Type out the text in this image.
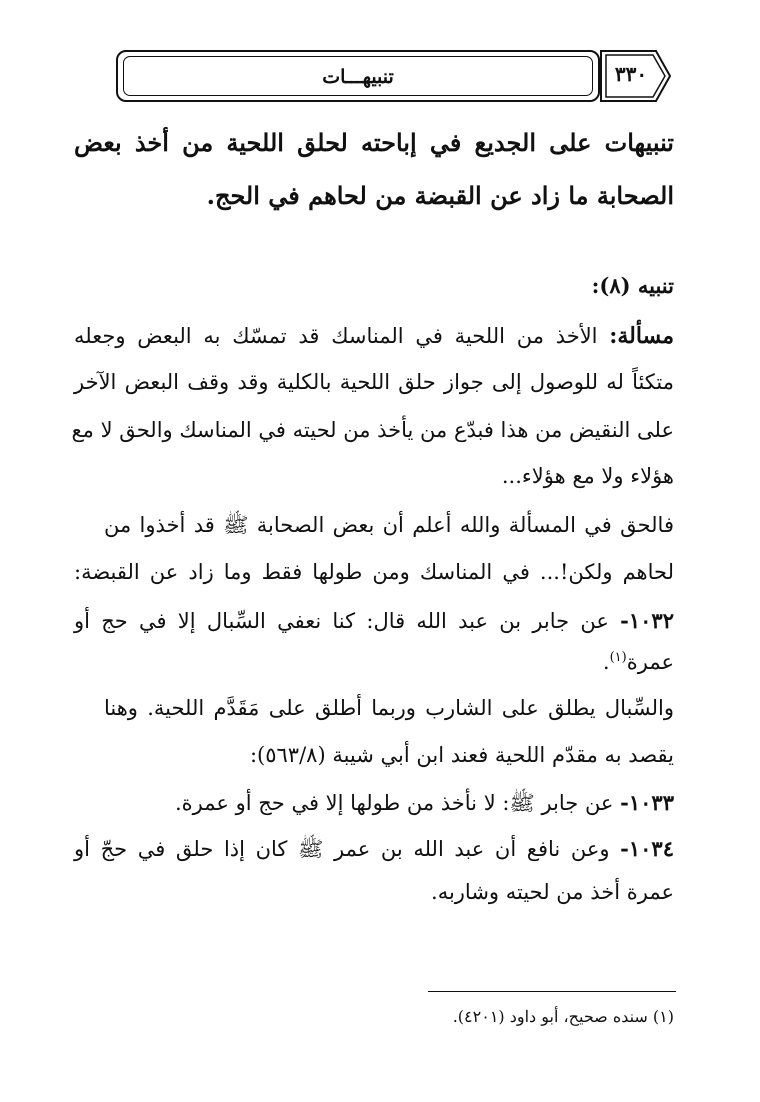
تنبيهـــات	٣٣٠
تنبيهات على الجديع في إباحته لحلق اللحية من أخذ بعض
الصحابة ما زاد عن القبضة من لحاهم في الحج.
تنبيه (٨):
مسألة: الأخذ من اللحية في المناسك قد تمسّك به البعض وجعله
متكئاً له للوصول إلى جواز حلق اللحية بالكلية وقد وقف البعض الآخر
على النقيض من هذا فبدّع من يأخذ من لحيته في المناسك والحق لا مع
هؤلاء ولا مع هؤلاء...
فالحق في المسألة والله أعلم أن بعض الصحابة ﷺ قد أخذوا من
لحاهم ولكن!... في المناسك ومن طولها فقط وما زاد عن القبضة:
١٠٣٢- عن جابر بن عبد الله قال: كنا نعفي السِّبال إلا في حج أو
عمرة$^{(١)}$.
والسِّبال يطلق على الشارب وربما أطلق على مَقَدَّم اللحية. وهنا
يقصد به مقدّم اللحية فعند ابن أبي شيبة (٥٦٣/٨):
١٠٣٣- عن جابر ﷺ: لا نأخذ من طولها إلا في حج أو عمرة.
١٠٣٤- وعن نافع أن عبد الله بن عمر ﷺ كان إذا حلق في حجّ أو
عمرة أخذ من لحيته وشاربه.
(١) سنده صحيح، أبو داود (٤٢٠١).
